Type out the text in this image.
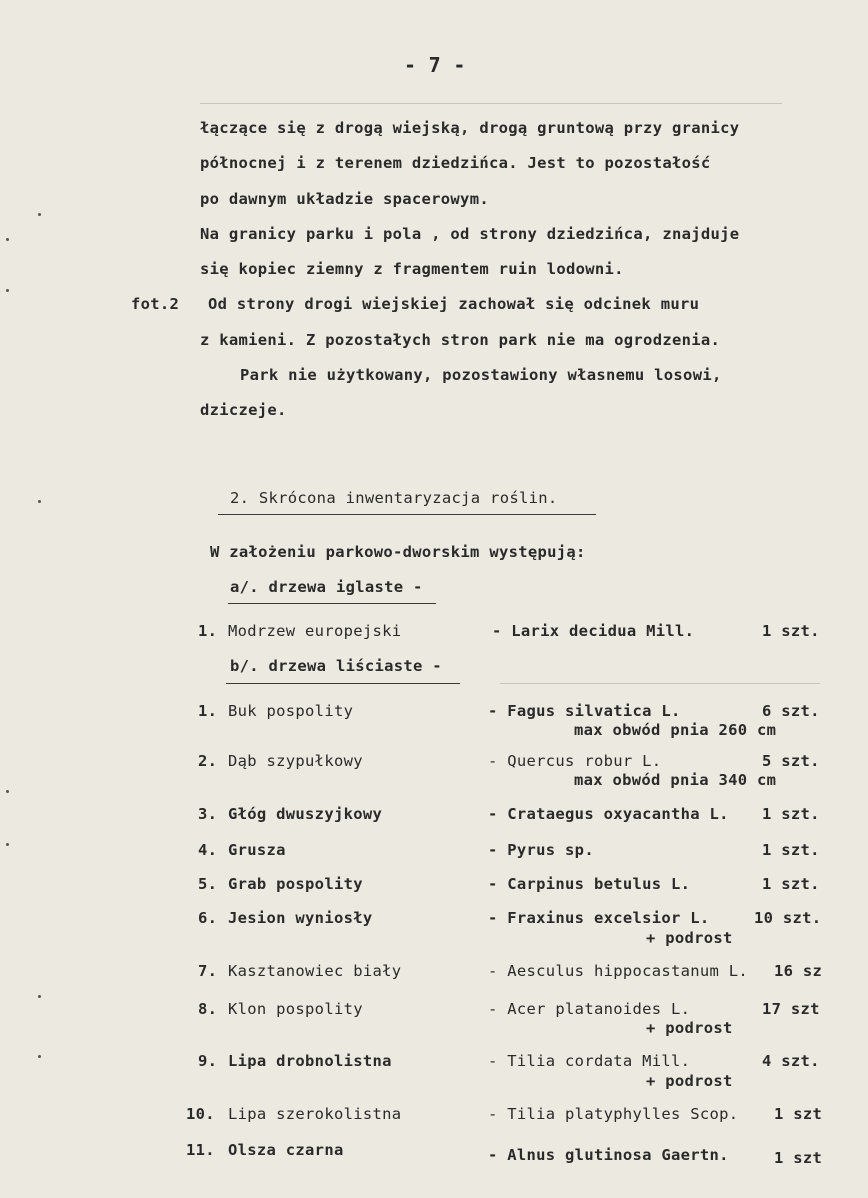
- 7 -
łączące się z drogą wiejską, drogą gruntową przy granicy
północnej i z terenem dziedzińca. Jest to pozostałość
po dawnym układzie spacerowym.
Na granicy parku i pola , od strony dziedzińca, znajduje
się kopiec ziemny z fragmentem ruin lodowni.
fot.2 Od strony drogi wiejskiej zachował się odcinek muru
z kamieni. Z pozostałych stron park nie ma ogrodzenia.
Park nie użytkowany, pozostawiony własnemu losowi,
dziczeje.
2. Skrócona inwentaryzacja roślin.
W założeniu parkowo-dworskim występują:
a/. drzewa iglaste -
1. Modrzew europejski	- Larix decidua Mill.	1 szt.
b/. drzewa liściaste -
1. Buk pospolity	- Fagus silvatica L.	6 szt.
max obwód pnia 260 cm
2. Dąb szypułkowy	- Quercus robur L.	5 szt.
max obwód pnia 340 cm
3. Głóg dwuszyjkowy	- Crataegus oxyacantha L. 1 szt.
4. Grusza	- Pyrus sp.	1 szt.
5. Grab pospolity	- Carpinus betulus L.	1 szt.
6. Jesion wyniosły	- Fraxinus excelsior L.	10 szt.
+ podrost
7. Kasztanowiec biały	- Aesculus hippocastanum L. 16 sz
8. Klon pospolity	- Acer platanoides L.	17 szt
+ podrost
9. Lipa drobnolistna	- Tilia cordata Mill.	4 szt.
+ podrost
10. Lipa szerokolistna	- Tilia platyphylles Scop. 1 szt
11. Olsza czarna	- Alnus glutinosa Gaertn.	1 szt
